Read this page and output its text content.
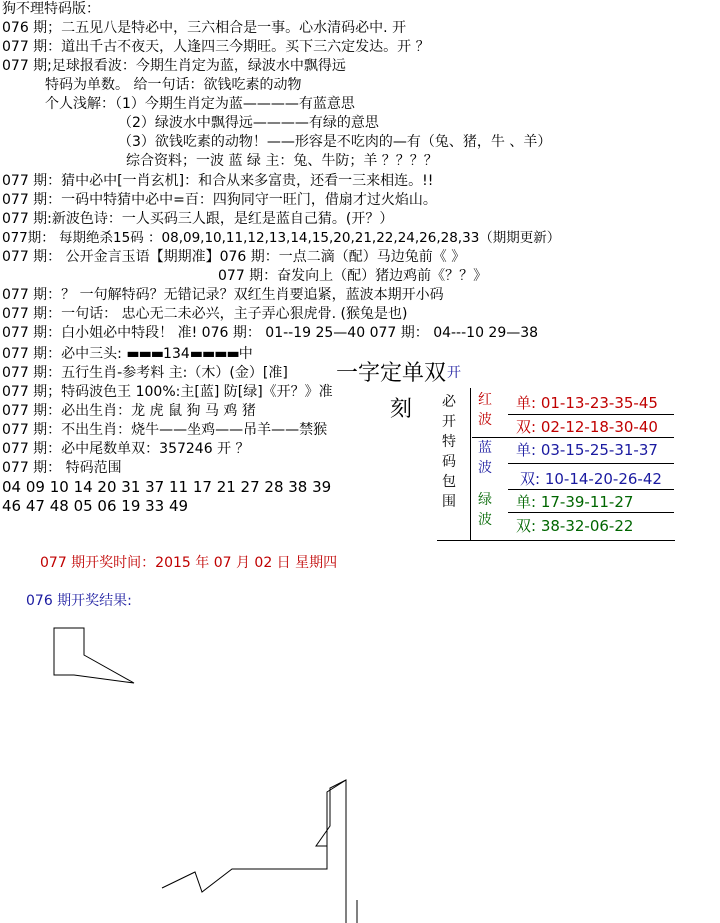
狗不理特码版：
076 期；二五见八是特必中，三六相合是一事。心水清码必中. 开
077 期：道出千古不夜天，人逢四三今期旺。买下三六定发达。开 ？
077 期;足球报看波：今期生肖定为蓝，绿波水中飘得远
特码为单数。 给一句话：欲钱吃素的动物
个人浅解：（1）今期生肖定为蓝————有蓝意思
（2）绿波水中飘得远————有绿的意思
（3）欲钱吃素的动物！——形容是不吃肉的—有（兔、猪，牛 、羊）
综合资料；一波 蓝 绿 主：兔、牛防；羊 ？？？？
077 期：猜中必中[一肖玄机]：和合从来多富贵，还看一三来相连。!!
077 期：一码中特猜中必中=百：四狗同守一旺门，借扇才过火焰山。
077 期:新波色诗：一人买码三人跟，是红是蓝自己猜。(开？）
077期： 每期绝杀15码 ：08,09,10,11,12,13,14,15,20,21,22,24,26,28,33（期期更新）
077 期： 公开金言玉语【期期准】076 期：一点二滴（配）马边兔前《 》
077 期：奋发向上（配）猪边鸡前《？？》
077 期：？ 一句解特码？无错记录？双红生肖要追紧，蓝波本期开小码
077 期：一句话： 忠心无二未必兴，主子弄心狠虎骨. (猴兔是也)
077 期：白小姐必中特段！ 准! 076 期： 01--19 25—40 077 期： 04---10 29—38
077 期：必中三头: ▬▬▬134▬▬▬▬中
077 期：五行生肖-参考料 主:（木）(金）[准]
077 期；特码波色王 100%:主[蓝] 防[绿]《开？》准
077 期：必出生肖：龙 虎 鼠 狗 马 鸡 猪
077 期：不出生肖：烧牛——坐鸡——吊羊——禁猴
077 期：必中尾数单双：357246 开 ？
077 期： 特码范围
04 09 10 14 20 31 37 11 17 21 27 28 38 39
46 47 48 05 06 19 33 49
一字定单双
刻
开
必
开
特
码
包
围
红
波
单: 01-13-23-35-45
双: 02-12-18-30-40
蓝
波
单: 03-15-25-31-37
双: 10-14-20-26-42
绿
波
单: 17-39-11-27
双: 38-32-06-22
077 期开奖时间：2015 年 07 月 02 日 星期四
076 期开奖结果:
